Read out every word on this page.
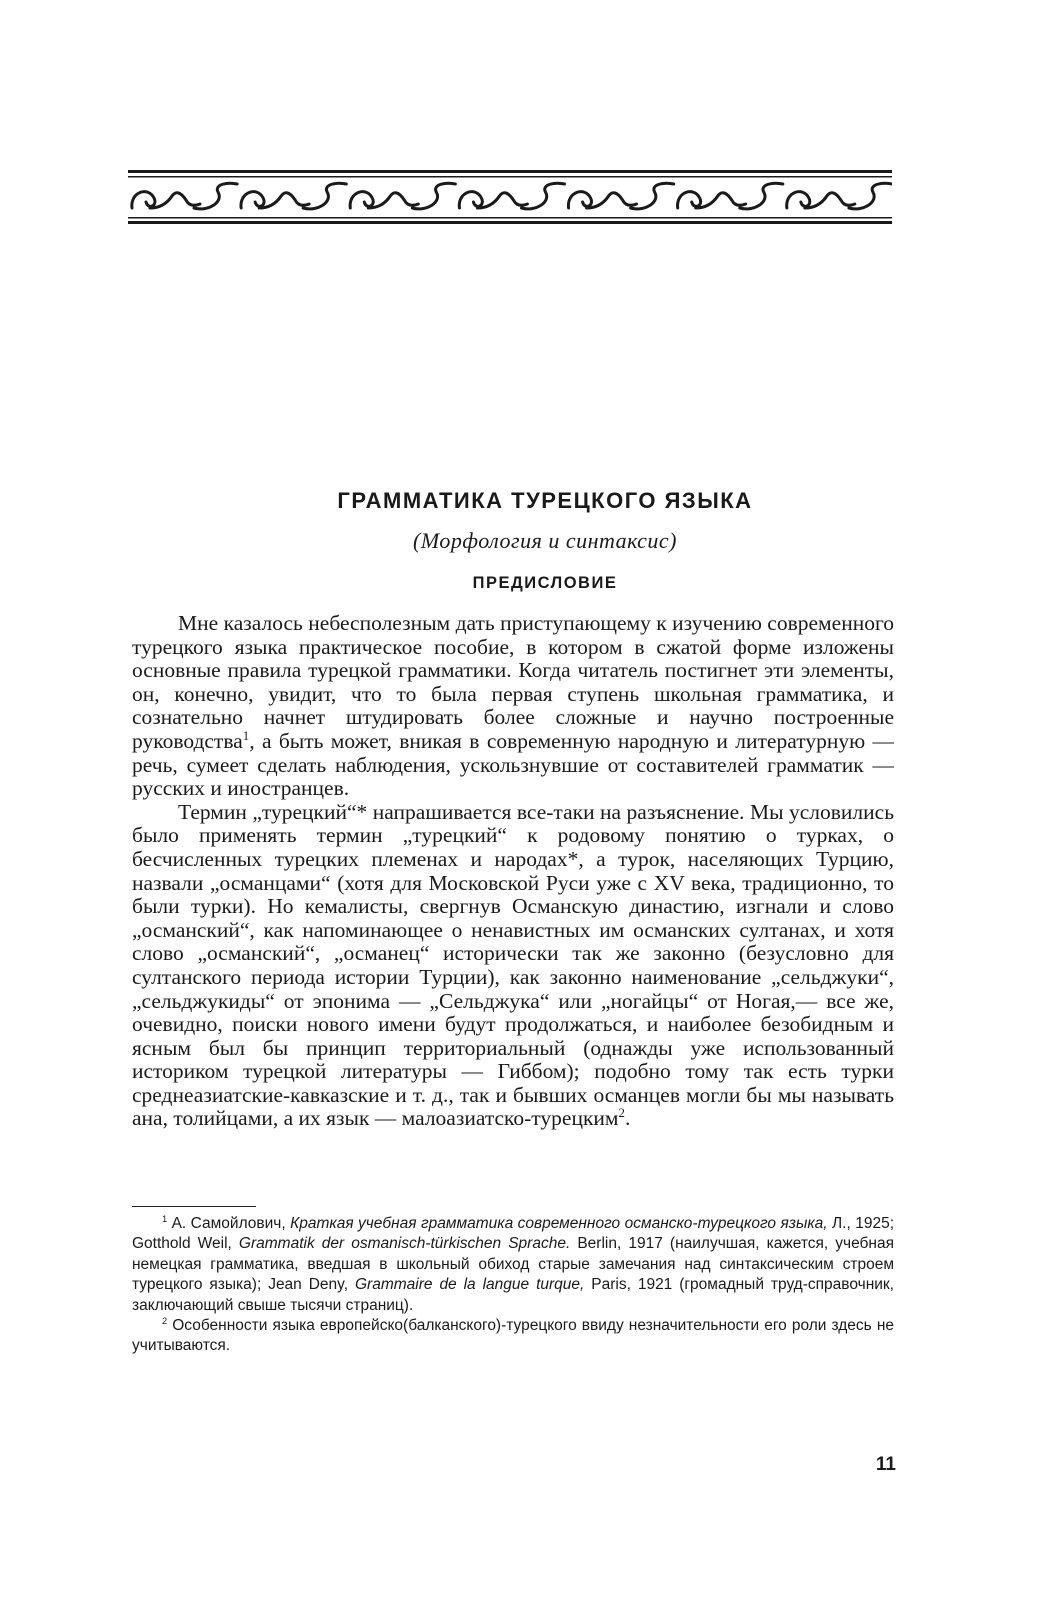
ГРАММАТИКА ТУРЕЦКОГО ЯЗЫКА
(Морфология и синтаксис)
ПРЕДИСЛОВИЕ

Мне казалось небесполезным дать приступающему к изучению современного турецкого языка практическое пособие, в котором в сжатой форме изложены основные правила турецкой грамматики. Когда читатель постигнет эти элементы, он, конечно, увидит, что то была первая ступень школьная грамматика, и сознательно начнет штудировать более сложные и научно построенные руководства$^1$, а быть может, вникая в современную народную и литературную — речь, сумеет сделать наблюдения, ускользнувшие от составителей грамматик — русских и иностранцев.

Термин „турецкий“* напрашивается все-таки на разъяснение. Мы условились было применять термин „турецкий“ к родовому понятию о турках, о бесчисленных турецких племенах и народах*, а турок, населяющих Турцию, назвали „османцами“ (хотя для Московской Руси уже с XV века, традиционно, то были турки). Но кемалисты, свергнув Османскую династию, изгнали и слово „османский“, как напоминающее о ненавистных им османских султанах, и хотя слово „османский“, „османец“ исторически так же законно (безусловно для султанского периода истории Турции), как законно наименование „сельджуки“, „сельджукиды“ от эпонима — „Сельджука“ или „ногайцы“ от Ногая,— все же, очевидно, поиски нового имени будут продолжаться, и наиболее безобидным и ясным был бы принцип территориальный (однажды уже использованный историком турецкой литературы — Гиббом); подобно тому так есть турки среднеазиатские-кавказские и т. д., так и бывших османцев могли бы мы называть ана, толийцами, а их язык — малоазиатско-турецким$^2$.

$^1$ А. Самойлович, Краткая учебная грамматика современного османско-турецкого языка, Л., 1925; Gotthold Weil, Grammatik der osmanisch-türkischen Sprache. Berlin, 1917 (наилучшая, кажется, учебная немецкая грамматика, введшая в школьный обиход старые замечания над синтаксическим строем турецкого языка); Jean Deny, Grammaire de la langue turque, Paris, 1921 (громадный труд-справочник, заключающий свыше тысячи страниц).

$^2$ Особенности языка европейско(балканского)-турецкого ввиду незначительности его роли здесь не учитываются.

11
